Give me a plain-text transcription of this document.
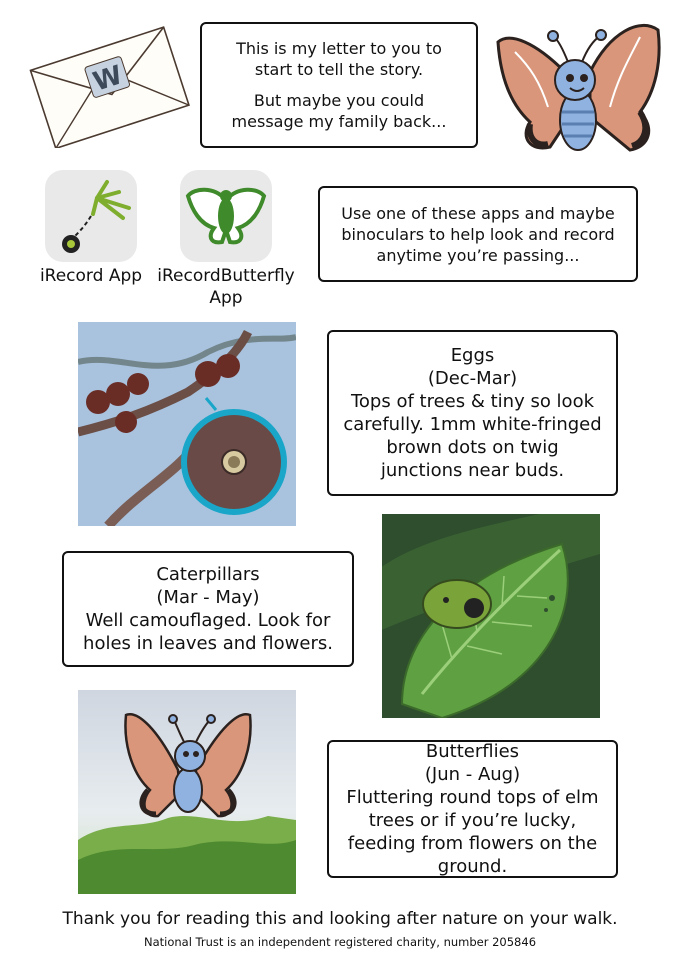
W

This is my letter to you to start to tell the story.

But maybe you could message my family back...

iRecord App iRecordButterfly App

Use one of these apps and maybe binoculars to help look and record anytime you’re passing...

Eggs

(Dec-Mar)

Tops of trees & tiny so look carefully. 1mm white-fringed brown dots on twig junctions near buds.

Caterpillars

(Mar - May)

Well camouflaged. Look for holes in leaves and flowers.

Butterflies

(Jun - Aug)

Fluttering round tops of elm trees or if you’re lucky, feeding from flowers on the ground.

Thank you for reading this and looking after nature on your walk.
National Trust is an independent registered charity, number 205846
